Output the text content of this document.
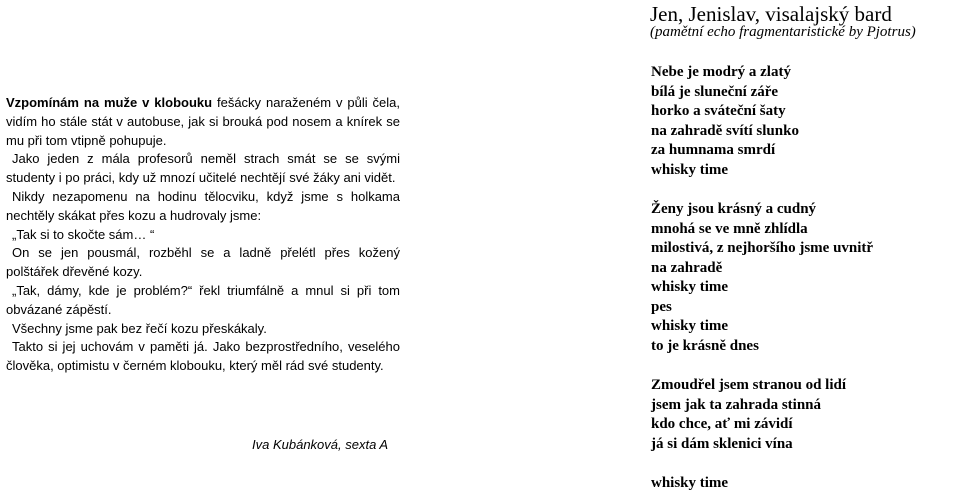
Vzpomínám na muže v klobouku fešácky naraženém v půli čela, vidím ho stále stát v autobuse, jak si brouká pod nosem a knírek se mu při tom vtipně pohupuje.

Jako jeden z mála profesorů neměl strach smát se se svými studenty i po práci, kdy už mnozí učitelé nechtějí své žáky ani vidět.

Nikdy nezapomenu na hodinu tělocviku, když jsme s holkama nechtěly skákat přes kozu a hudrovaly jsme:

„Tak si to skočte sám… “

On se jen pousmál, rozběhl se a ladně přelétl přes kožený polštářek dřevěné kozy.

„Tak, dámy, kde je problém?“ řekl triumfálně a mnul si při tom obvázané zápěstí.

Všechny jsme pak bez řečí kozu přeskákaly.

Takto si jej uchovám v paměti já. Jako bezprostředního, veselého člověka, optimistu v černém klobouku, který měl rád své studenty.

Iva Kubánková, sexta A
Jen, Jenislav, visalajský bard
(pamětní echo fragmentaristické by Pjotrus)
Nebe je modrý a zlatý
bílá je sluneční záře
horko a sváteční šaty
na zahradě svítí slunko
za humnama smrdí
whisky time
Ženy jsou krásný a cudný
mnohá se ve mně zhlídla
milostivá, z nejhoršího jsme uvnitř
na zahradě
whisky time
pes
whisky time
to je krásně dnes
Zmoudřel jsem stranou od lidí
jsem jak ta zahrada stinná
kdo chce, ať mi závidí
já si dám sklenici vína
whisky time
